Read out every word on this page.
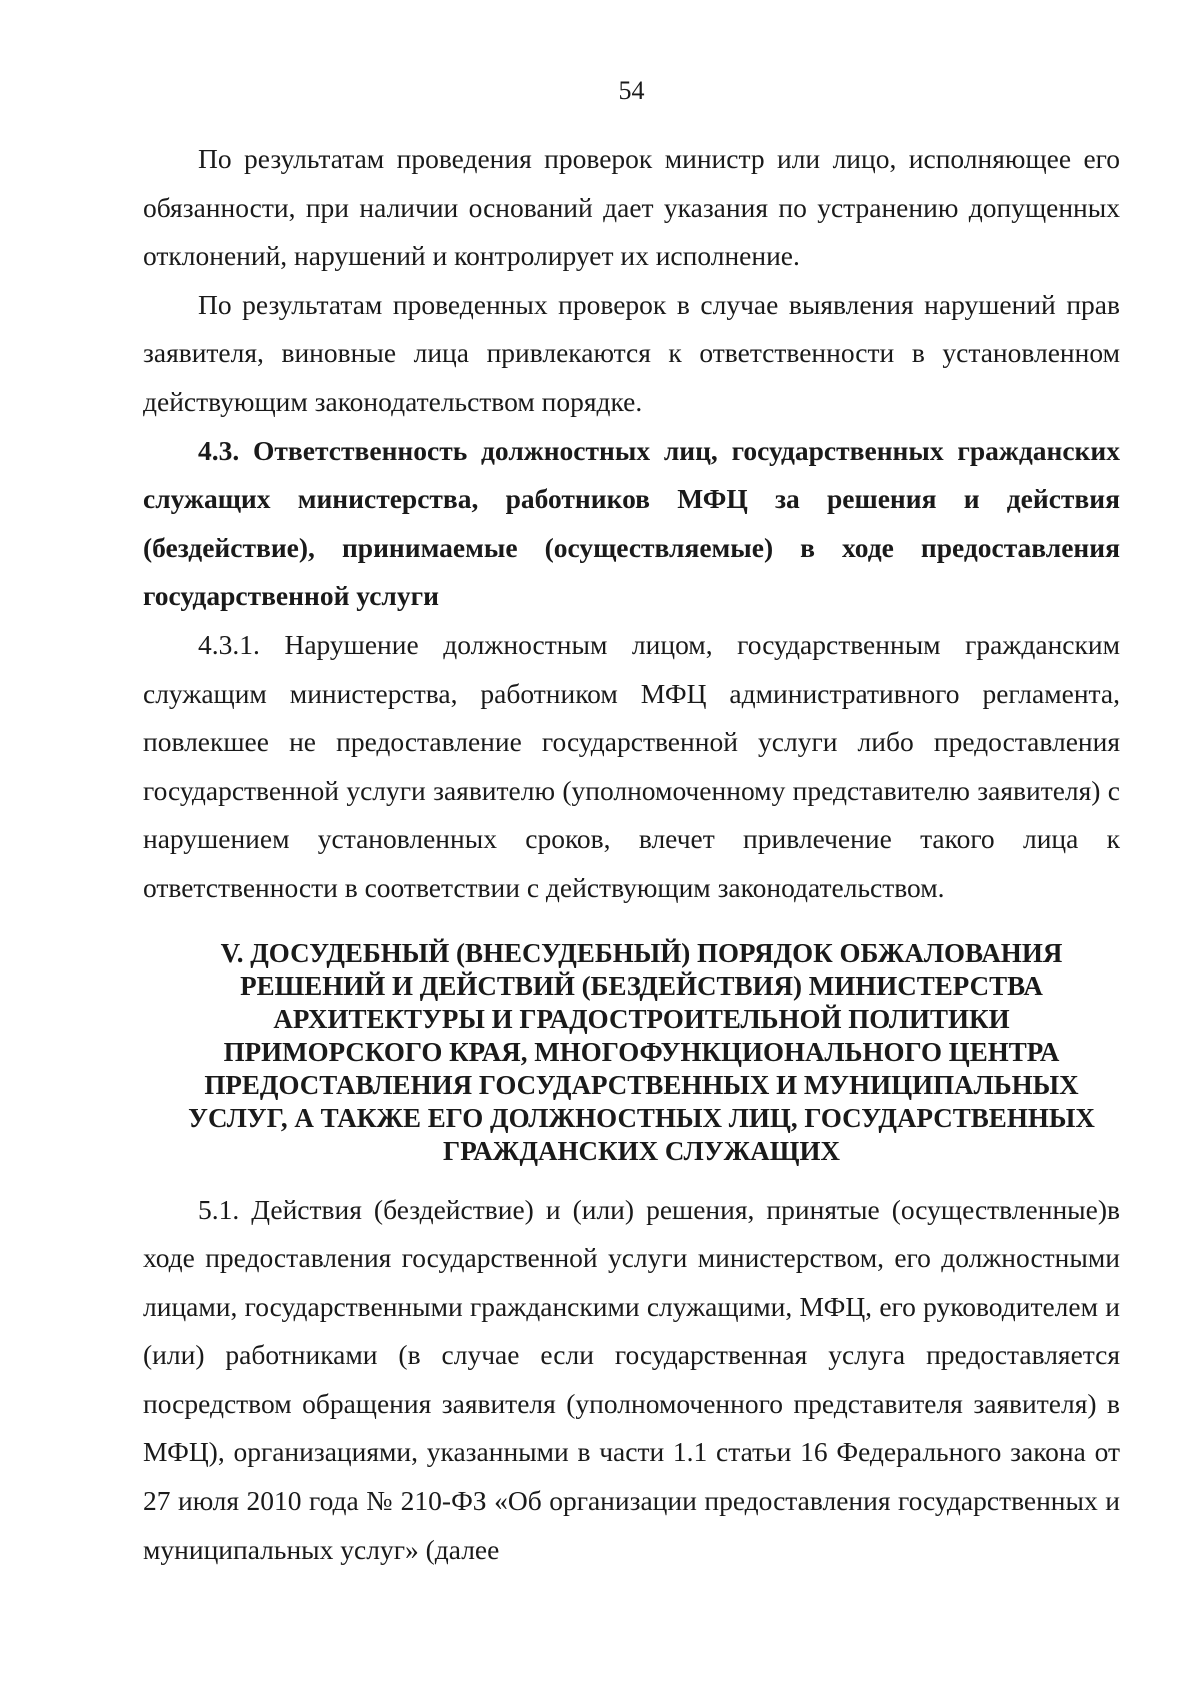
54

По результатам проведения проверок министр или лицо, исполняющее его обязанности, при наличии оснований дает указания по устранению допущенных отклонений, нарушений и контролирует их исполнение.

По результатам проведенных проверок в случае выявления нарушений прав заявителя, виновные лица привлекаются к ответственности в установленном действующим законодательством порядке.

4.3. Ответственность должностных лиц, государственных гражданских служащих министерства, работников МФЦ за решения и действия (бездействие), принимаемые (осуществляемые) в ходе предоставления государственной услуги

4.3.1. Нарушение должностным лицом, государственным гражданским служащим министерства, работником МФЦ административного регламента, повлекшее не предоставление государственной услуги либо предоставления государственной услуги заявителю (уполномоченному представителю заявителя) с нарушением установленных сроков, влечет привлечение такого лица к ответственности в соответствии с действующим законодательством.

V. ДОСУДЕБНЫЙ (ВНЕСУДЕБНЫЙ) ПОРЯДОК ОБЖАЛОВАНИЯ РЕШЕНИЙ И ДЕЙСТВИЙ (БЕЗДЕЙСТВИЯ) МИНИСТЕРСТВА АРХИТЕКТУРЫ И ГРАДОСТРОИТЕЛЬНОЙ ПОЛИТИКИ ПРИМОРСКОГО КРАЯ, МНОГОФУНКЦИОНАЛЬНОГО ЦЕНТРА ПРЕДОСТАВЛЕНИЯ ГОСУДАРСТВЕННЫХ И МУНИЦИПАЛЬНЫХ УСЛУГ, А ТАКЖЕ ЕГО ДОЛЖНОСТНЫХ ЛИЦ, ГОСУДАРСТВЕННЫХ ГРАЖДАНСКИХ СЛУЖАЩИХ

5.1. Действия (бездействие) и (или) решения, принятые (осуществленные)в ходе предоставления государственной услуги министерством, его должностными лицами, государственными гражданскими служащими, МФЦ, его руководителем и (или) работниками (в случае если государственная услуга предоставляется посредством обращения заявителя (уполномоченного представителя заявителя) в МФЦ), организациями, указанными в части 1.1 статьи 16 Федерального закона от 27 июля 2010 года № 210-ФЗ «Об организации предоставления государственных и муниципальных услуг» (далее
